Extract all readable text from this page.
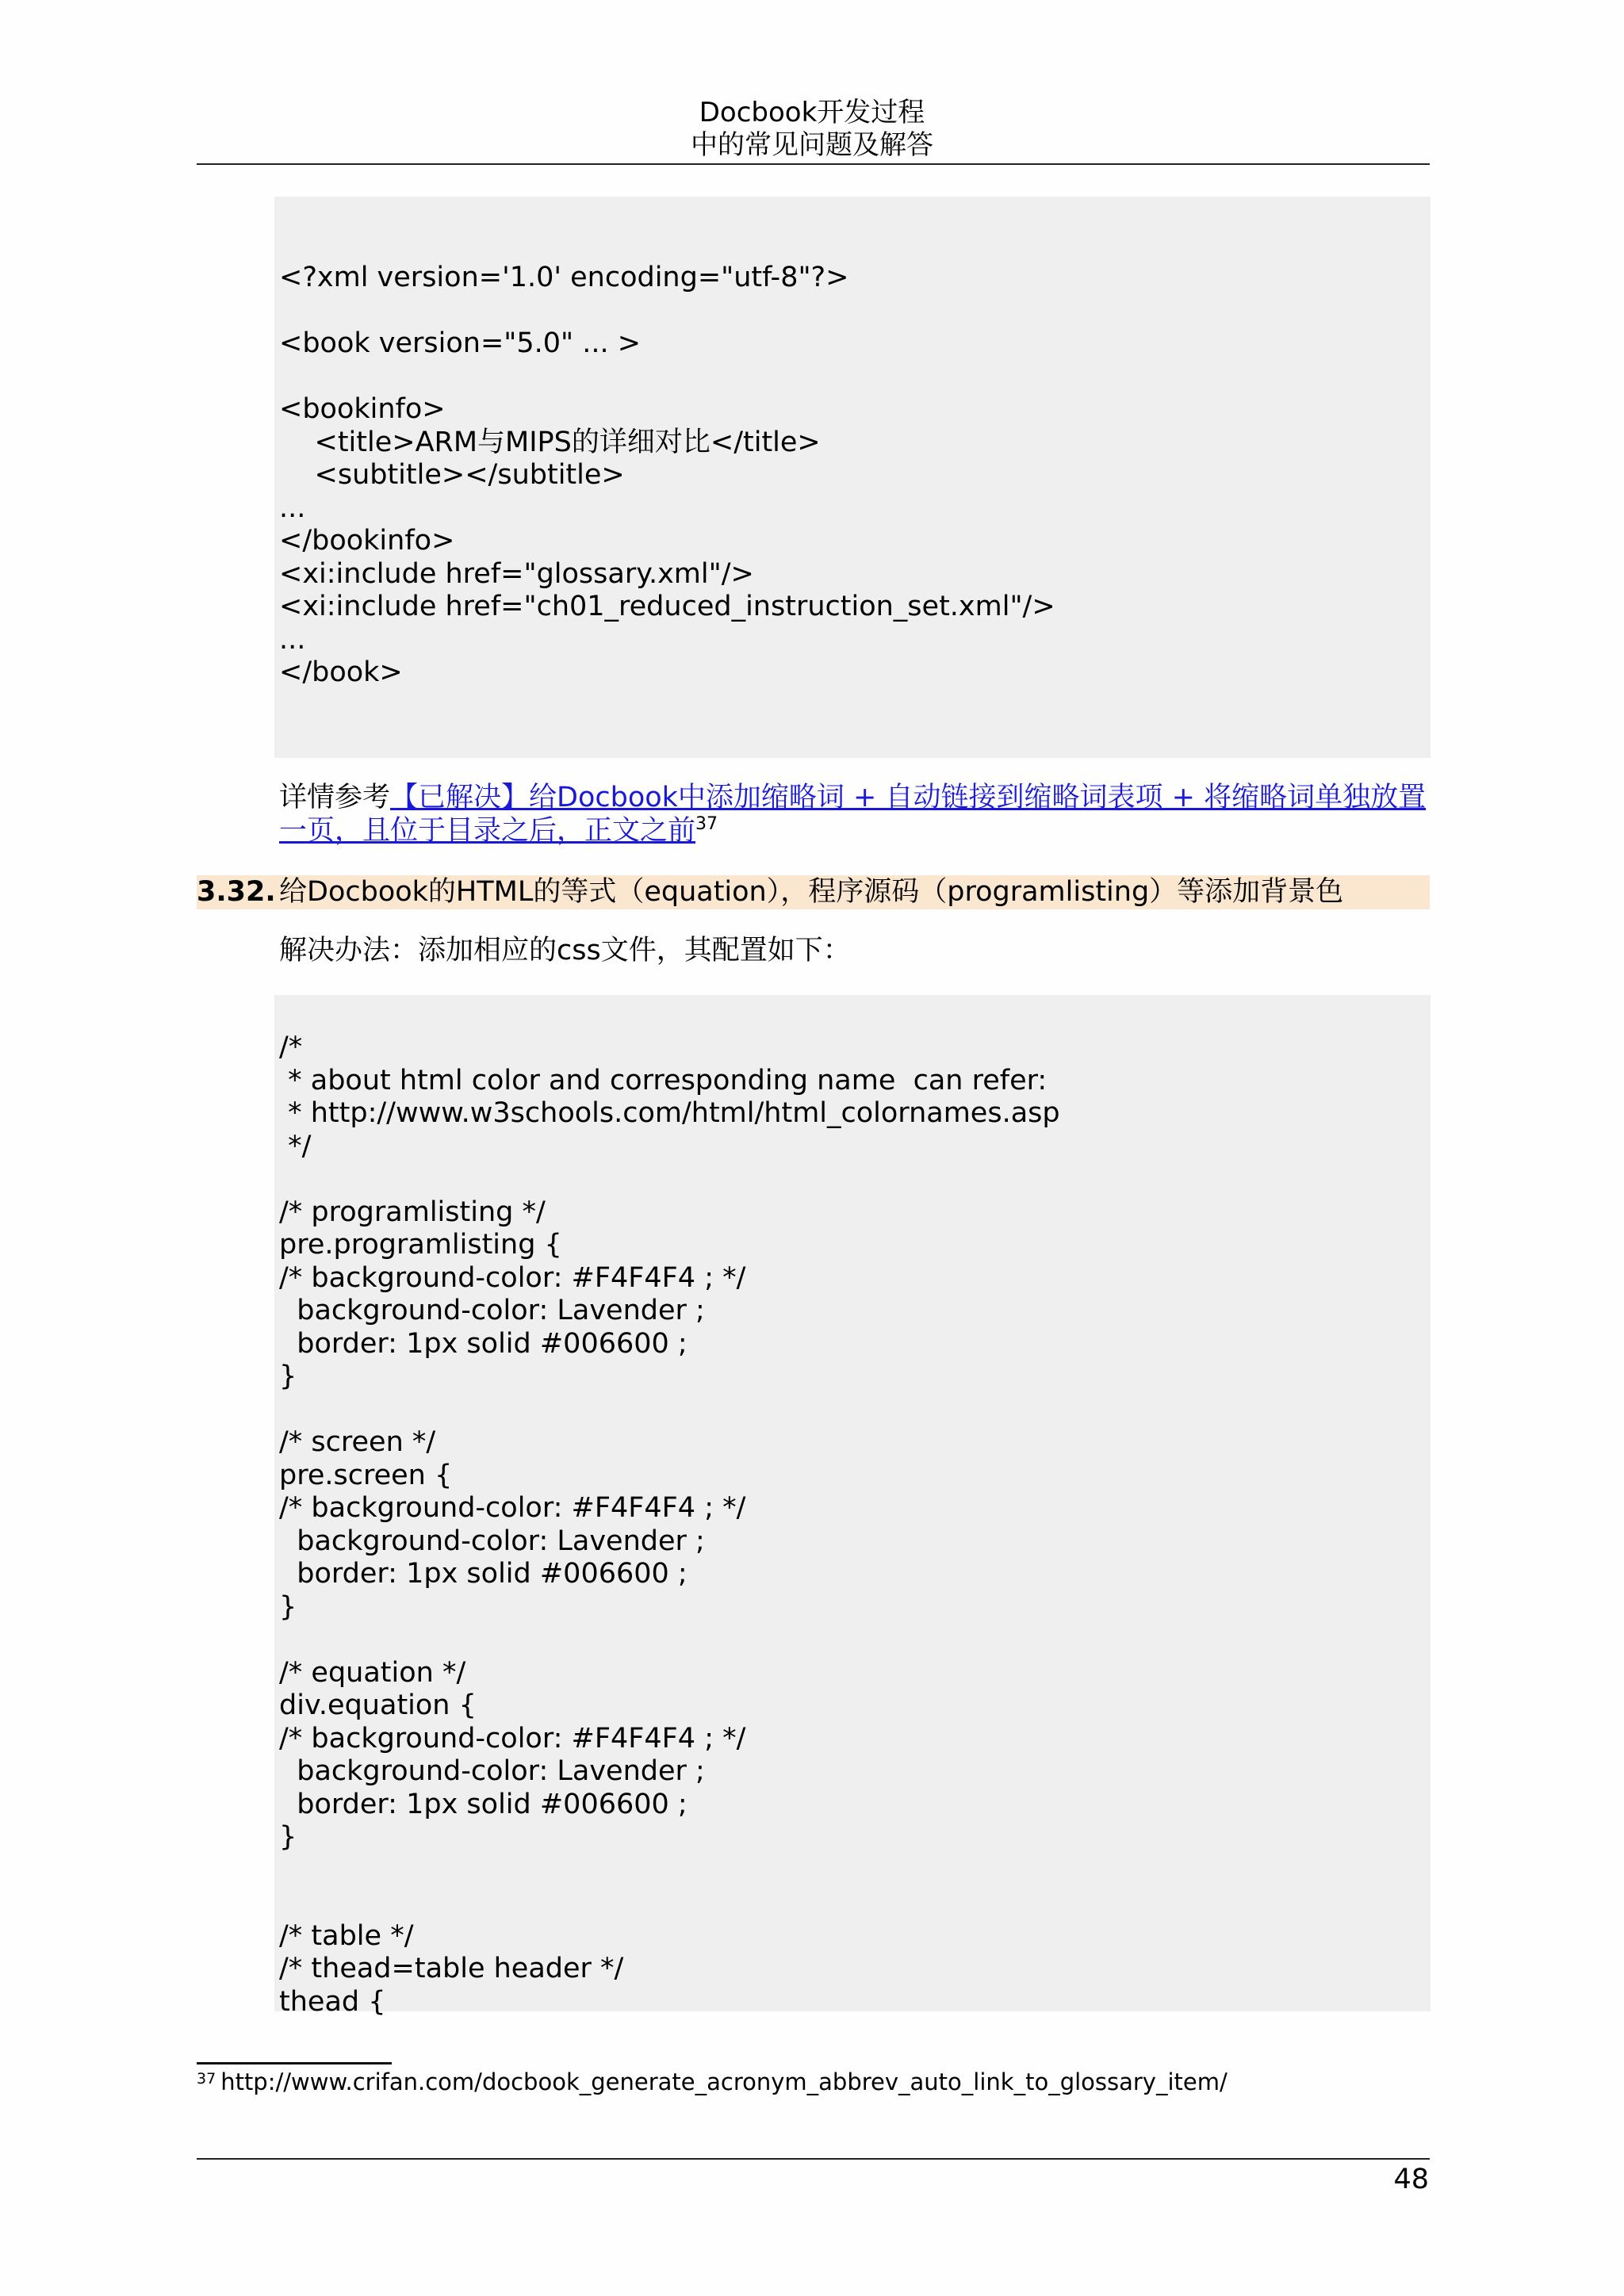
Docbook开发过程
中的常见问题及解答
<?xml version='1.0' encoding="utf-8"?>
<book version="5.0" ... >
<bookinfo>
<title>ARM与MIPS的详细对比</title>
<subtitle></subtitle>
...
</bookinfo>
<xi:include href="glossary.xml"/>
<xi:include href="ch01_reduced_instruction_set.xml"/>
...
</book>
详情参考【已解决】给Docbook中添加缩略词 + 自动链接到缩略词表项 + 将缩略词单独放置一页，且位于目录之后，正文之前$^{37}$
3.32. 给Docbook的HTML的等式（equation），程序源码（programlisting）等添加背景色
解决办法：添加相应的css文件，其配置如下：
/*
* about html color and corresponding name  can refer:
* http://www.w3schools.com/html/html_colornames.asp
*/
/* programlisting */
pre.programlisting {
/* background-color: #F4F4F4 ; */
background-color: Lavender ;
border: 1px solid #006600 ;
}
/* screen */
pre.screen {
/* background-color: #F4F4F4 ; */
background-color: Lavender ;
border: 1px solid #006600 ;
}
/* equation */
div.equation {
/* background-color: #F4F4F4 ; */
background-color: Lavender ;
border: 1px solid #006600 ;
}
/* table */
/* thead=table header */
thead {
$^{37}$ http://www.crifan.com/docbook_generate_acronym_abbrev_auto_link_to_glossary_item/
48
